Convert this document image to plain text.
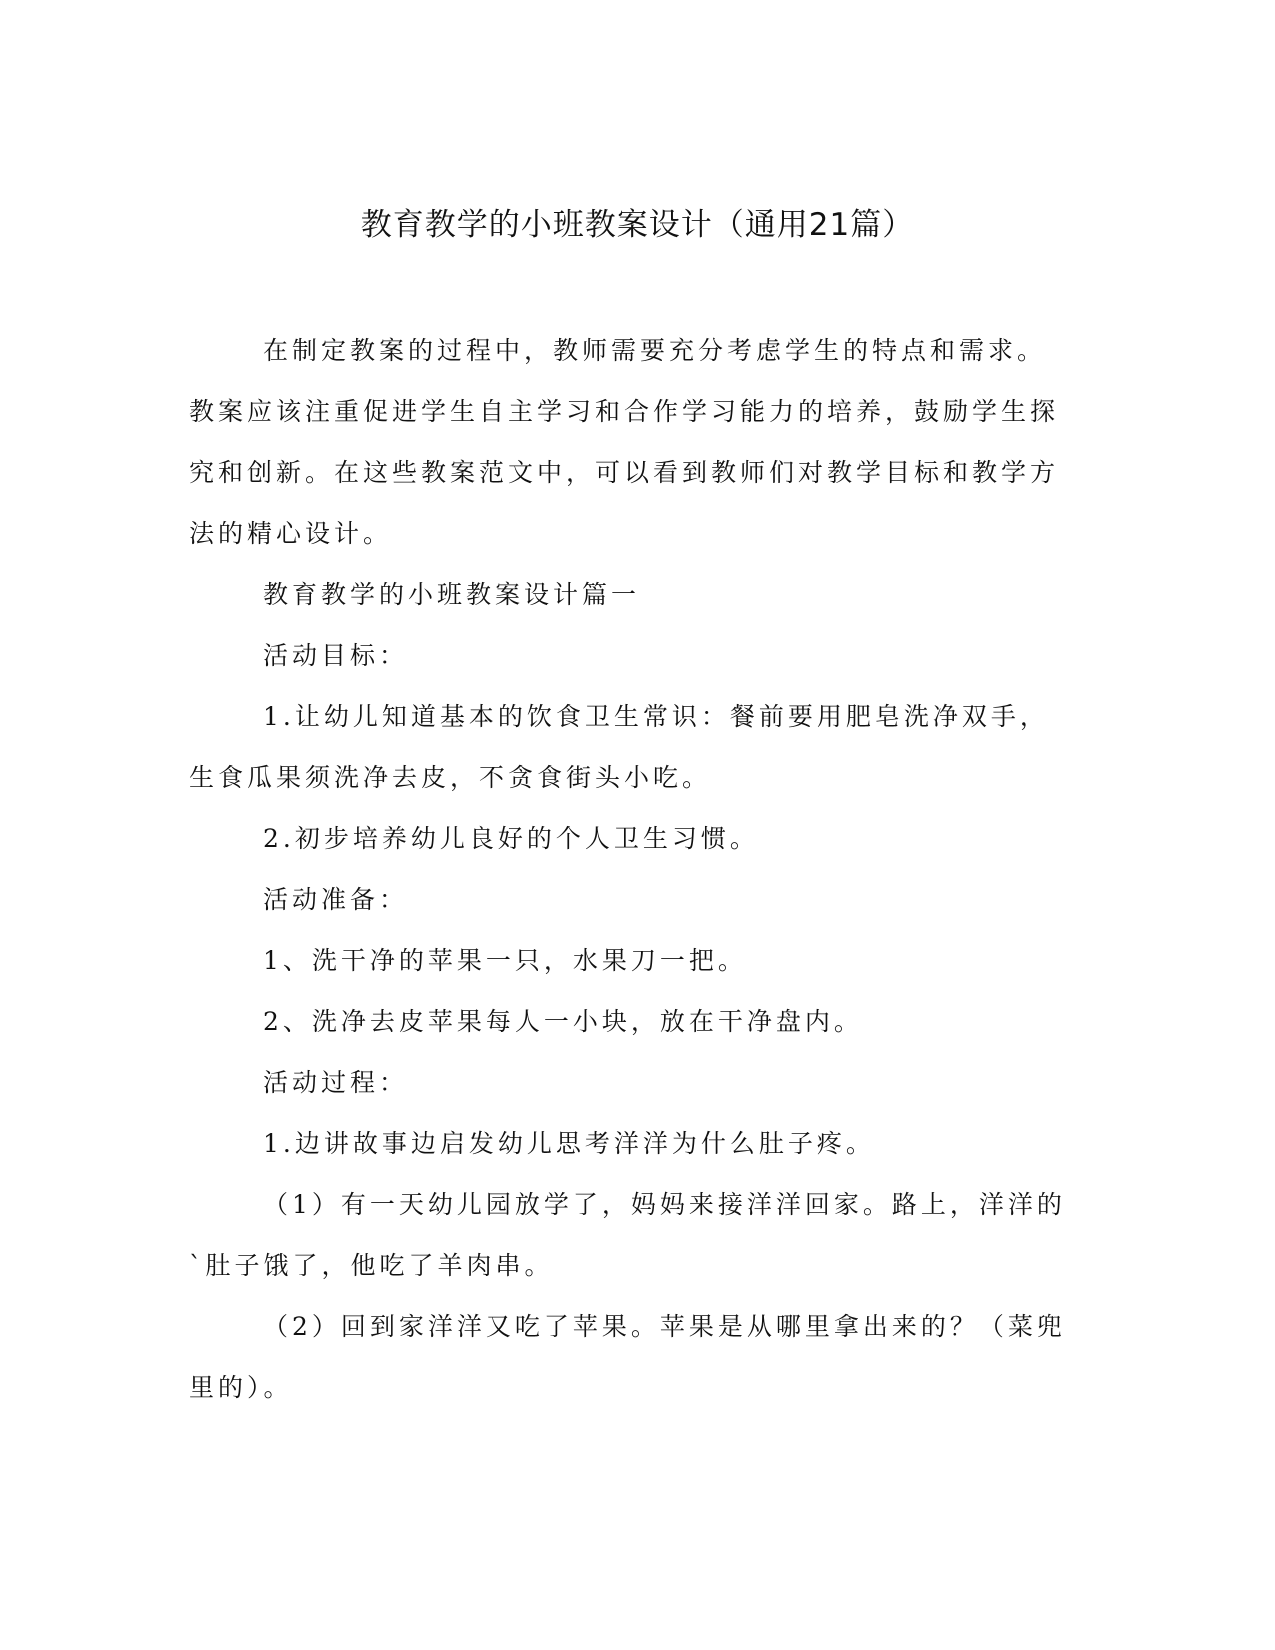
教育教学的小班教案设计（通用21篇）

在制定教案的过程中，教师需要充分考虑学生的特点和需求。教案应该注重促进学生自主学习和合作学习能力的培养，鼓励学生探究和创新。在这些教案范文中，可以看到教师们对教学目标和教学方法的精心设计。

教育教学的小班教案设计篇一

活动目标：

1.让幼儿知道基本的饮食卫生常识：餐前要用肥皂洗净双手，生食瓜果须洗净去皮，不贪食街头小吃。

2.初步培养幼儿良好的个人卫生习惯。

活动准备：

1、洗干净的苹果一只，水果刀一把。

2、洗净去皮苹果每人一小块，放在干净盘内。

活动过程：

1.边讲故事边启发幼儿思考洋洋为什么肚子疼。

（1）有一天幼儿园放学了，妈妈来接洋洋回家。路上，洋洋的`肚子饿了，他吃了羊肉串。

（2）回到家洋洋又吃了苹果。苹果是从哪里拿出来的？（菜兜里的）。
